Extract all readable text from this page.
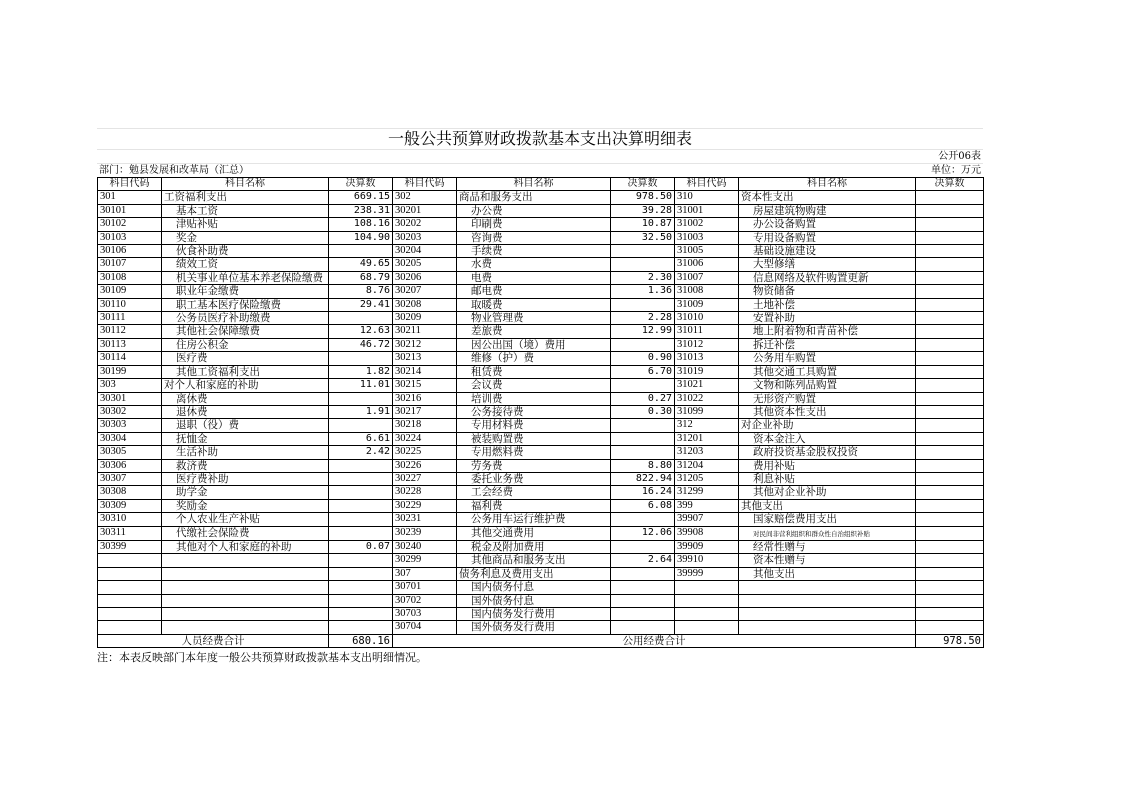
一般公共预算财政拨款基本支出决算明细表
公开06表
部门：勉县发展和改革局（汇总）	单位：万元
科目代码	科目名称	决算数	科目代码	科目名称	决算数	科目代码	科目名称	决算数
301	工资福利支出	669.15	302	商品和服务支出	978.50	310	资本性支出	
30101	基本工资	238.31	30201	办公费	39.28	31001	房屋建筑物购建	
30102	津贴补贴	108.16	30202	印刷费	10.87	31002	办公设备购置	
30103	奖金	104.90	30203	咨询费	32.50	31003	专用设备购置	
30106	伙食补助费		30204	手续费		31005	基础设施建设	
30107	绩效工资	49.65	30205	水费		31006	大型修缮	
30108	机关事业单位基本养老保险缴费	68.79	30206	电费	2.30	31007	信息网络及软件购置更新	
30109	职业年金缴费	8.76	30207	邮电费	1.36	31008	物资储备	
30110	职工基本医疗保险缴费	29.41	30208	取暖费		31009	土地补偿	
30111	公务员医疗补助缴费		30209	物业管理费	2.28	31010	安置补助	
30112	其他社会保障缴费	12.63	30211	差旅费	12.99	31011	地上附着物和青苗补偿	
30113	住房公积金	46.72	30212	因公出国（境）费用		31012	拆迁补偿	
30114	医疗费		30213	维修（护）费	0.90	31013	公务用车购置	
30199	其他工资福利支出	1.82	30214	租赁费	6.70	31019	其他交通工具购置	
303	对个人和家庭的补助	11.01	30215	会议费		31021	文物和陈列品购置	
30301	离休费		30216	培训费	0.27	31022	无形资产购置	
30302	退休费	1.91	30217	公务接待费	0.30	31099	其他资本性支出	
30303	退职（役）费		30218	专用材料费		312	对企业补助	
30304	抚恤金	6.61	30224	被装购置费		31201	资本金注入	
30305	生活补助	2.42	30225	专用燃料费		31203	政府投资基金股权投资	
30306	救济费		30226	劳务费	8.80	31204	费用补贴	
30307	医疗费补助		30227	委托业务费	822.94	31205	利息补贴	
30308	助学金		30228	工会经费	16.24	31299	其他对企业补助	
30309	奖励金		30229	福利费	6.08	399	其他支出	
30310	个人农业生产补贴		30231	公务用车运行维护费		39907	国家赔偿费用支出	
30311	代缴社会保险费		30239	其他交通费用	12.06	39908	对民间非营利组织和群众性自治组织补贴	
30399	其他对个人和家庭的补助	0.07	30240	税金及附加费用		39909	经常性赠与	
			30299	其他商品和服务支出	2.64	39910	资本性赠与	
			307	债务利息及费用支出		39999	其他支出	
			30701	国内债务付息				
			30702	国外债务付息				
			30703	国内债务发行费用				
			30704	国外债务发行费用				
人员经费合计		680.16	公用经费合计					978.50
注：本表反映部门本年度一般公共预算财政拨款基本支出明细情况。
